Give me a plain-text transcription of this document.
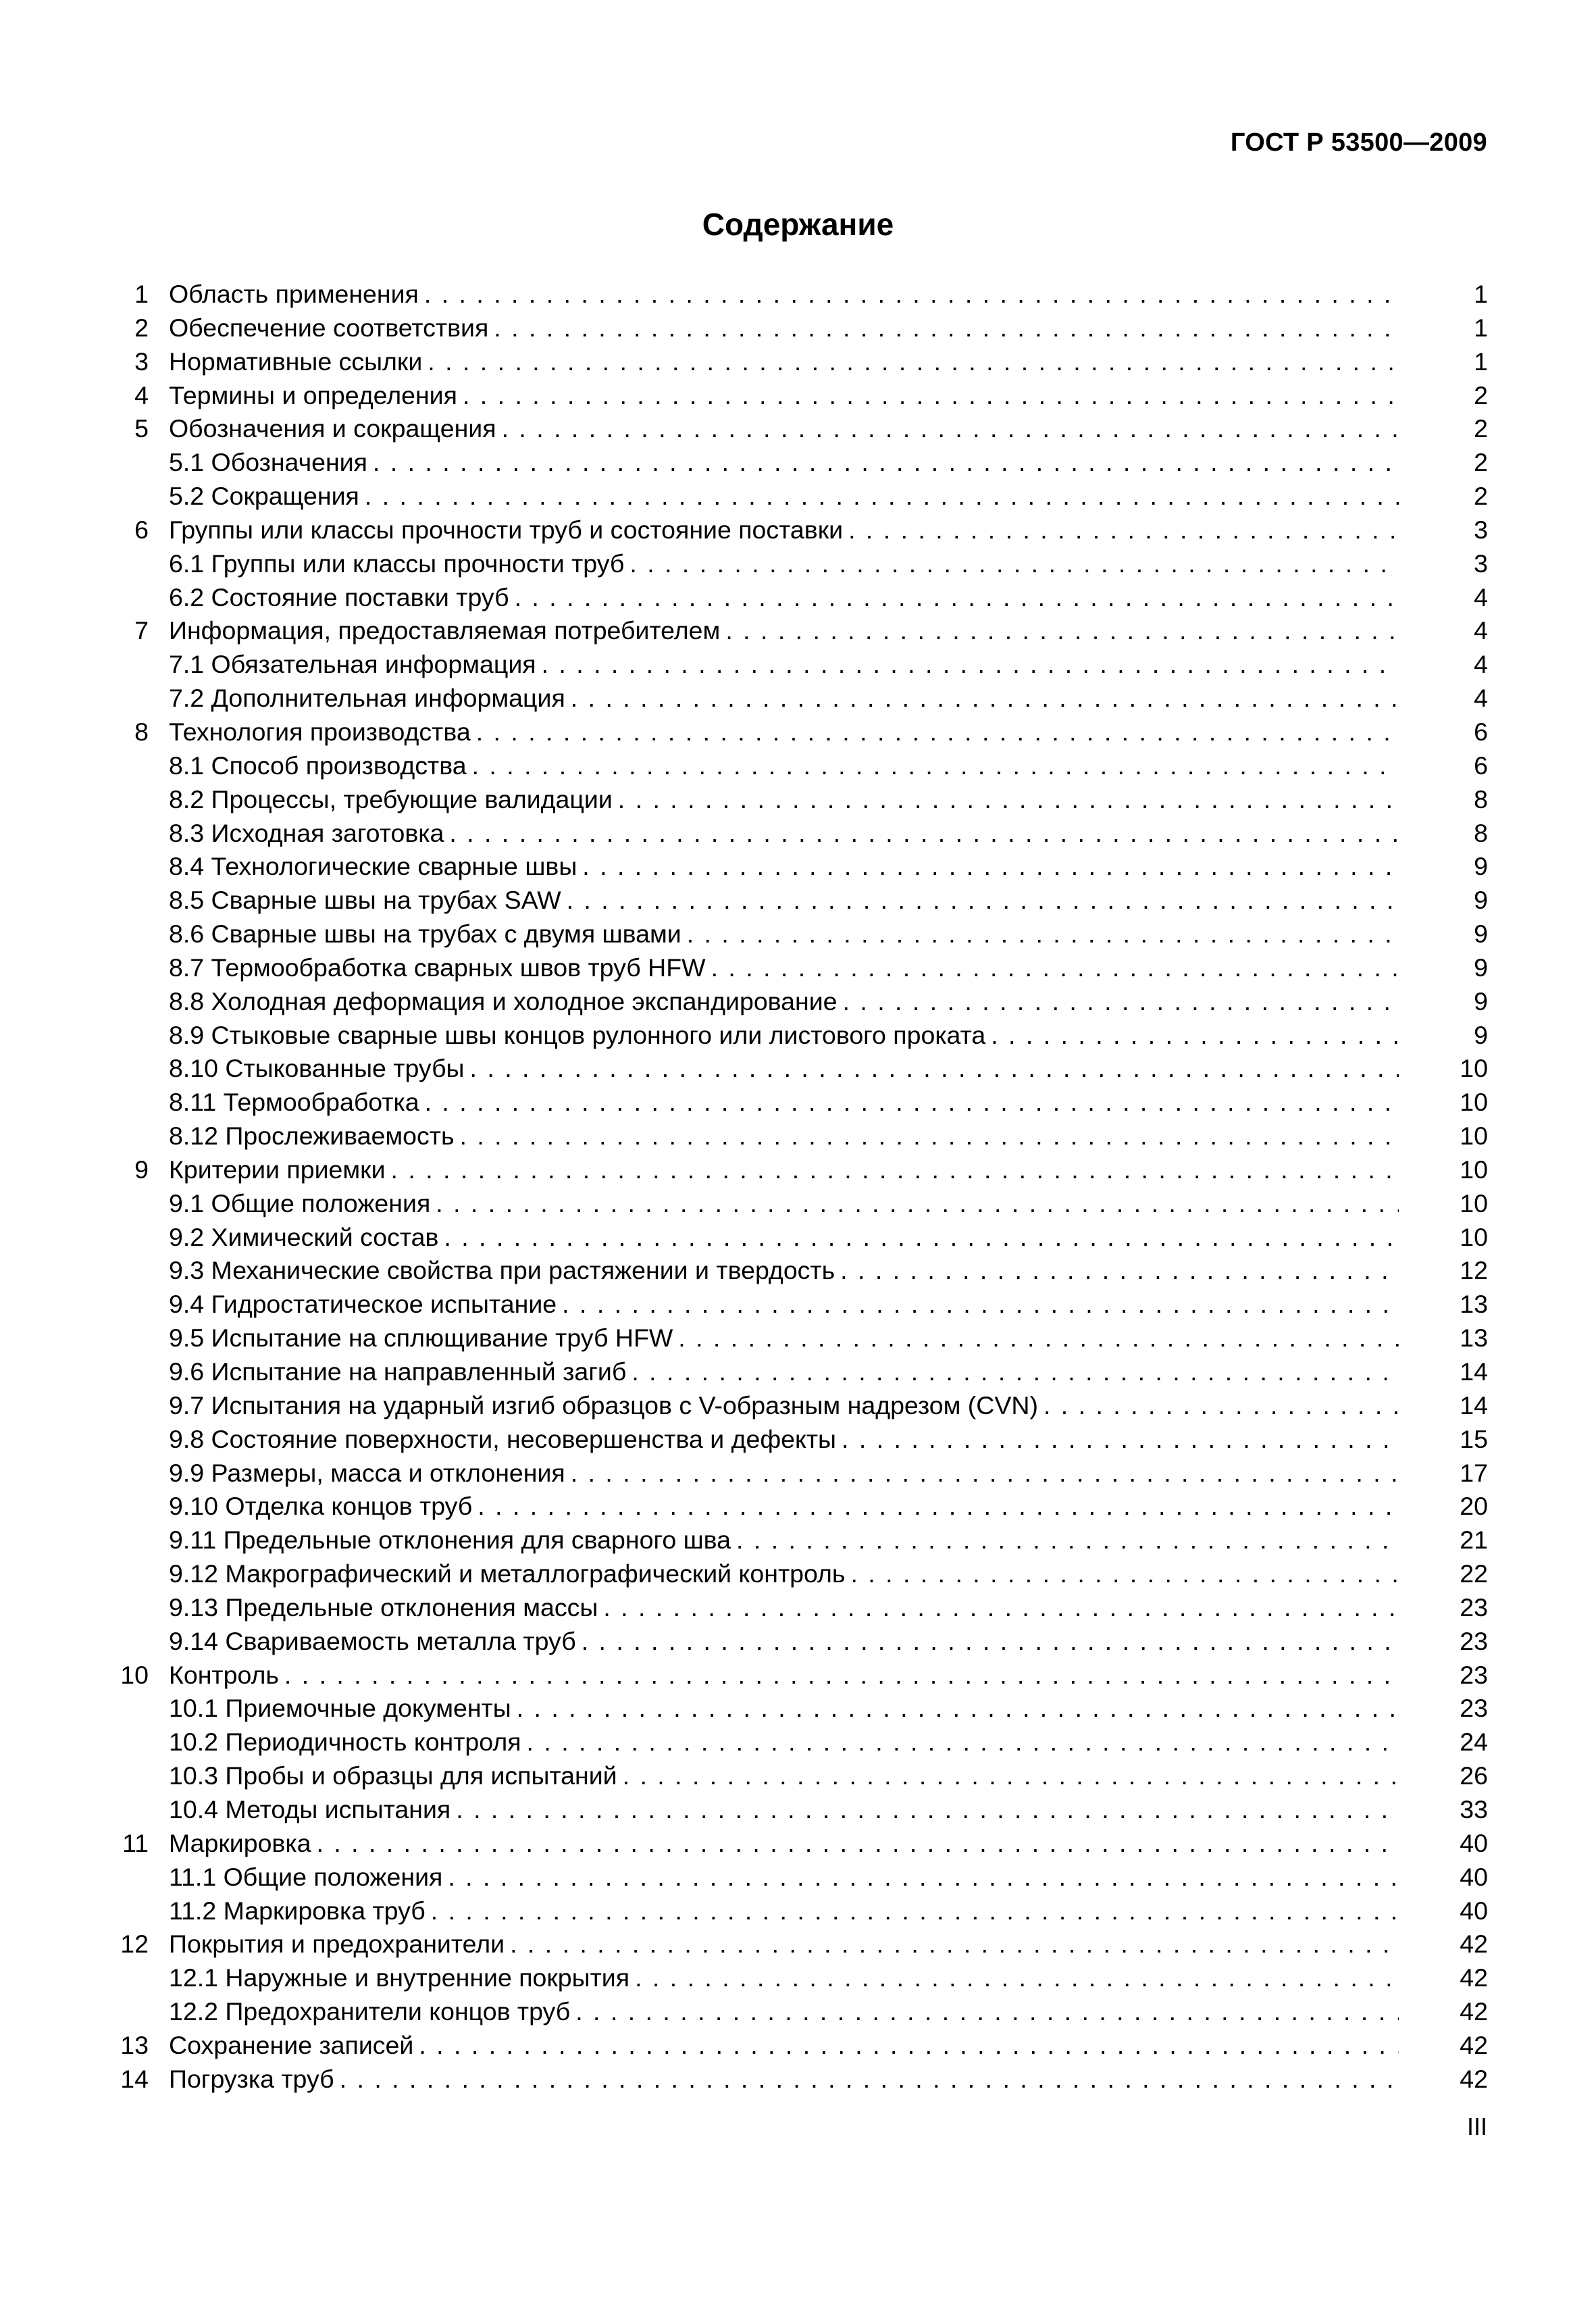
ГОСТ Р 53500—2009
Содержание
1 Область применения . . .	1
2 Обеспечение соответствия . . .	1
3 Нормативные ссылки . . .	1
4 Термины и определения . . .	2
5 Обозначения и сокращения . . .	2
5.1 Обозначения . . .	2
5.2 Сокращения . . .	2
6 Группы или классы прочности труб и состояние поставки . . .	3
6.1 Группы или классы прочности труб . . .	3
6.2 Состояние поставки труб . . .	4
7 Информация, предоставляемая потребителем . . .	4
7.1 Обязательная информация . . .	4
7.2 Дополнительная информация . . .	4
8 Технология производства . . .	6
8.1 Способ производства . . .	6
8.2 Процессы, требующие валидации . . .	8
8.3 Исходная заготовка . . .	8
8.4 Технологические сварные швы . . .	9
8.5 Сварные швы на трубах SAW . . .	9
8.6 Сварные швы на трубах с двумя швами . . .	9
8.7 Термообработка сварных швов труб HFW . . .	9
8.8 Холодная деформация и холодное экспандирование . . .	9
8.9 Стыковые сварные швы концов рулонного или листового проката . . .	9
8.10 Стыкованные трубы . . .	10
8.11 Термообработка . . .	10
8.12 Прослеживаемость . . .	10
9 Критерии приемки . . .	10
9.1 Общие положения . . .	10
9.2 Химический состав . . .	10
9.3 Механические свойства при растяжении и твердость . . .	12
9.4 Гидростатическое испытание . . .	13
9.5 Испытание на сплющивание труб HFW . . .	13
9.6 Испытание на направленный загиб . . .	14
9.7 Испытания на ударный изгиб образцов с V-образным надрезом (CVN) . . .	14
9.8 Состояние поверхности, несовершенства и дефекты . . .	15
9.9 Размеры, масса и отклонения . . .	17
9.10 Отделка концов труб . . .	20
9.11 Предельные отклонения для сварного шва . . .	21
9.12 Макрографический и металлографический контроль . . .	22
9.13 Предельные отклонения массы . . .	23
9.14 Свариваемость металла труб . . .	23
10 Контроль . . .	23
10.1 Приемочные документы . . .	23
10.2 Периодичность контроля . . .	24
10.3 Пробы и образцы для испытаний . . .	26
10.4 Методы испытания . . .	33
11 Маркировка . . .	40
11.1 Общие положения . . .	40
11.2 Маркировка труб . . .	40
12 Покрытия и предохранители . . .	42
12.1 Наружные и внутренние покрытия . . .	42
12.2 Предохранители концов труб . . .	42
13 Сохранение записей . . .	42
14 Погрузка труб . . .	42
III
